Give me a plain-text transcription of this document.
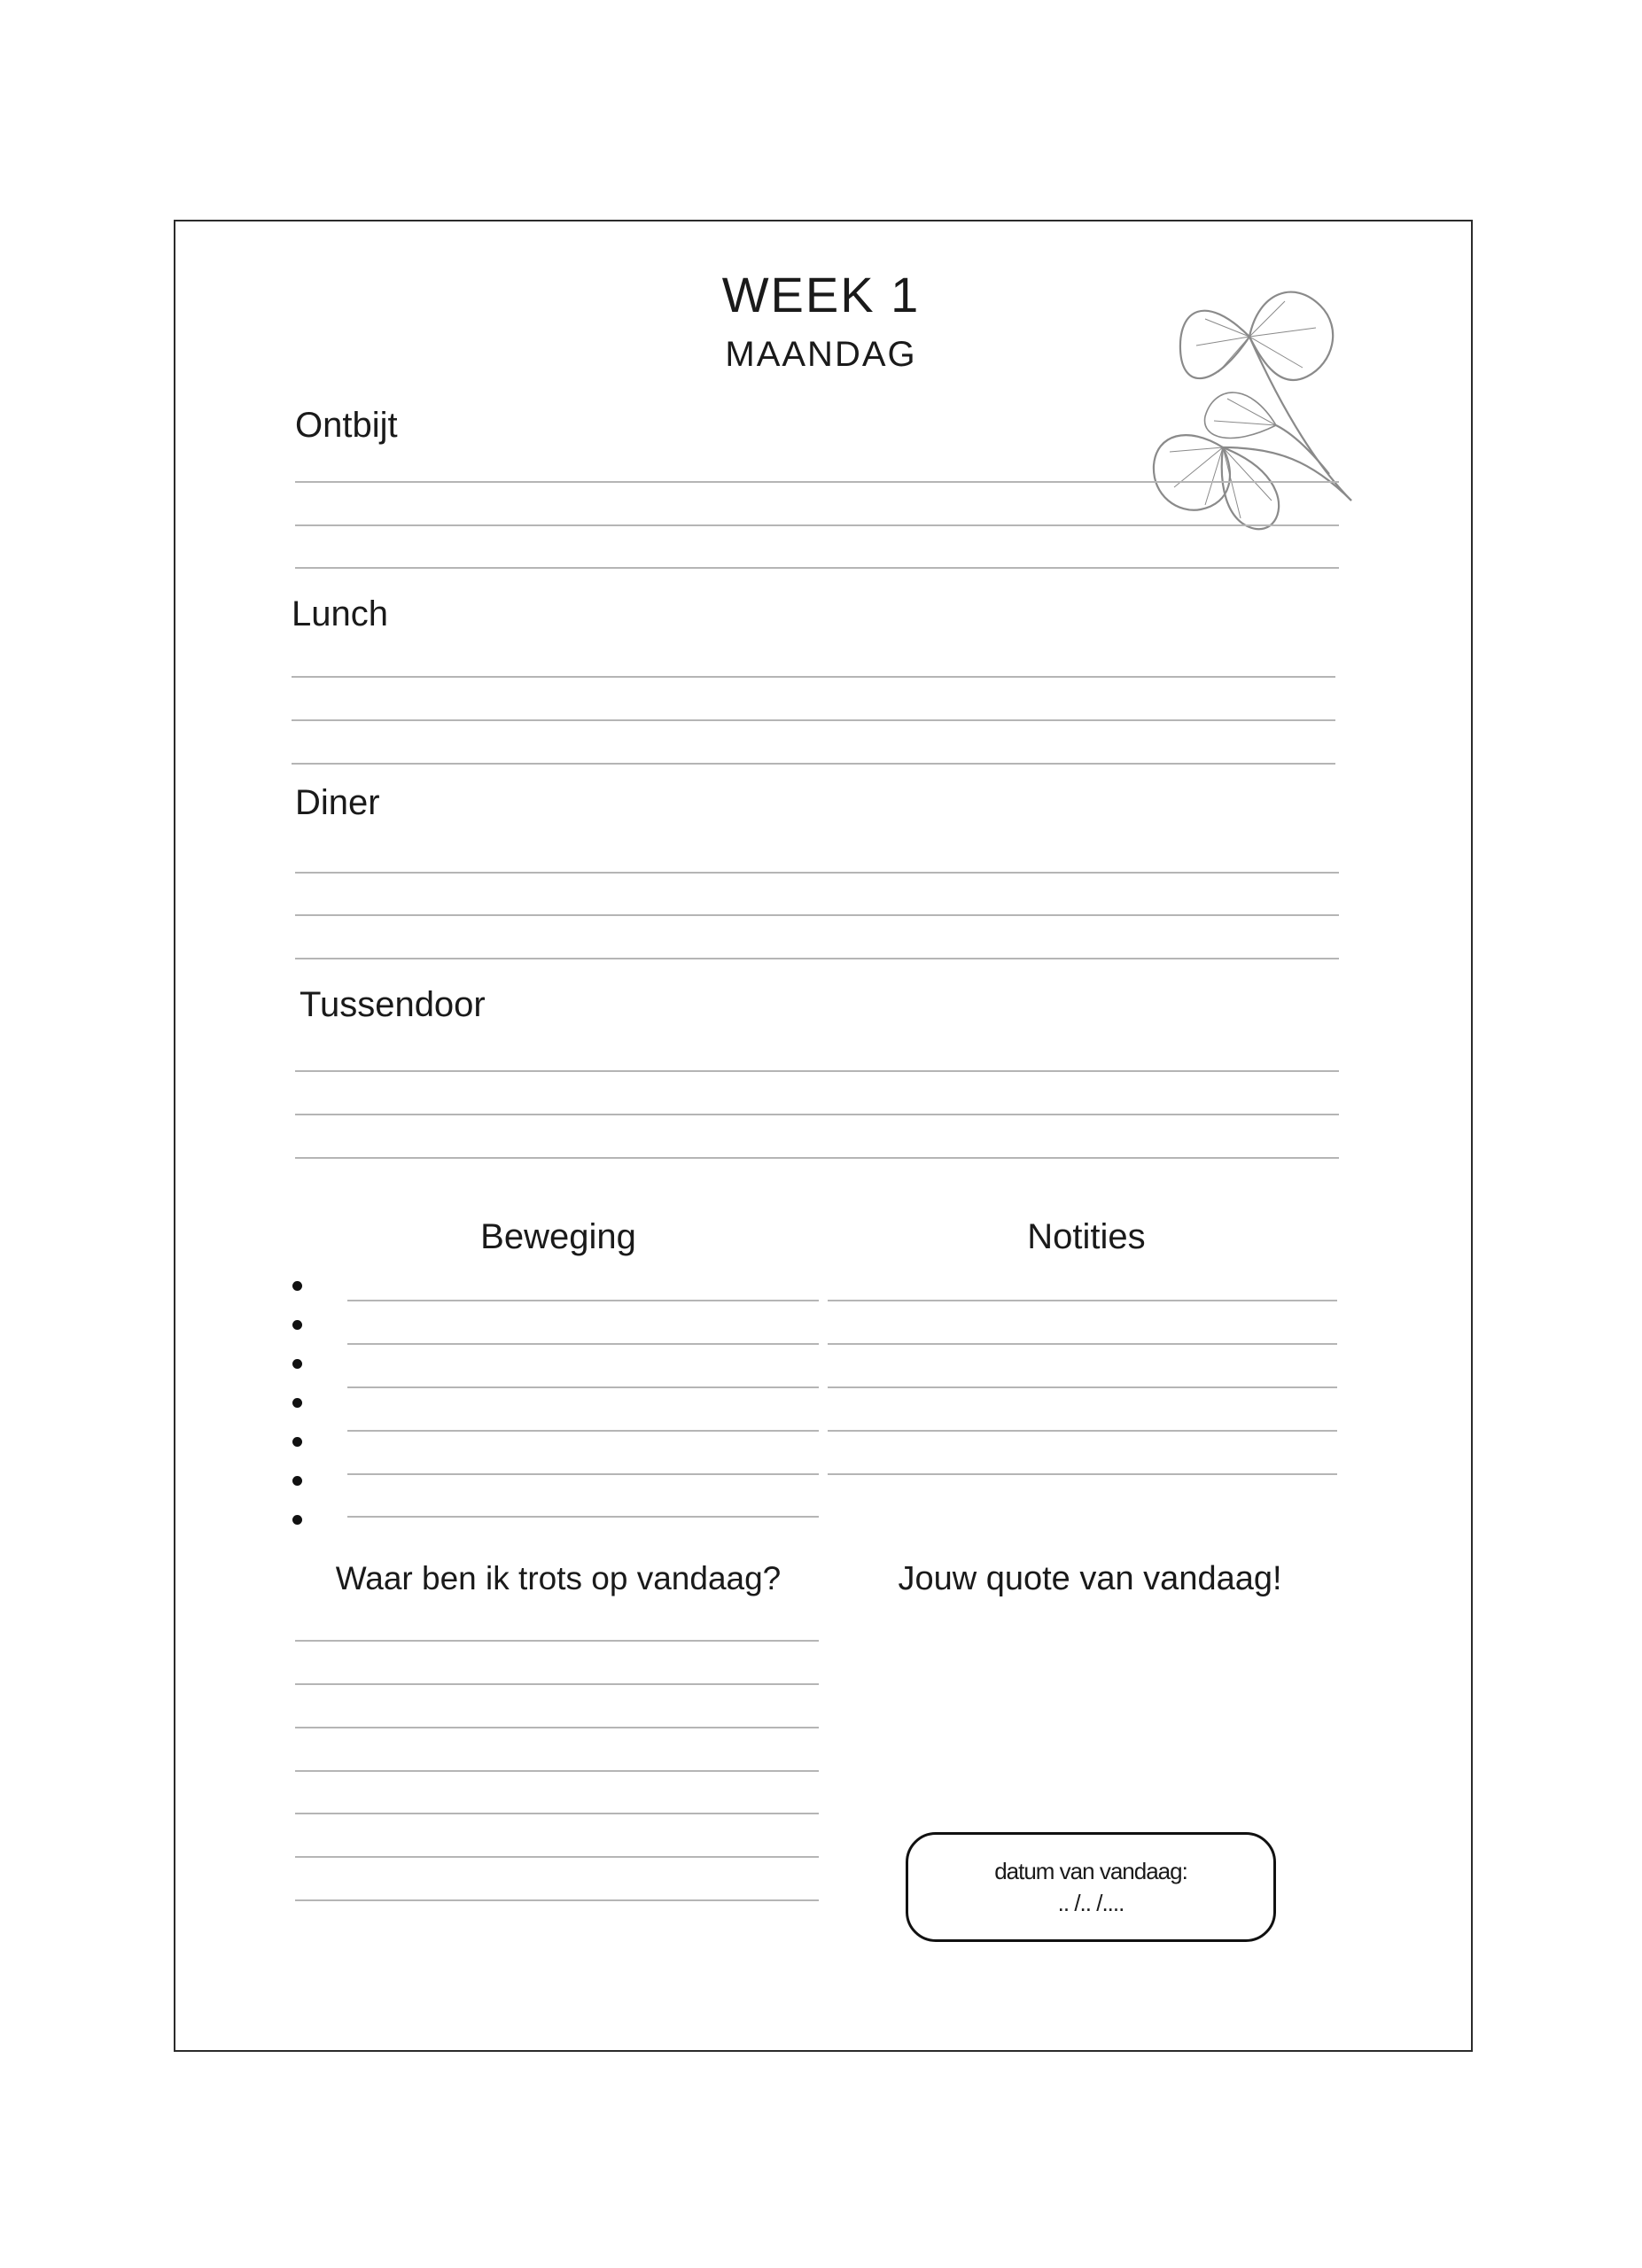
WEEK 1
MAANDAG
Ontbijt
Lunch
Diner
Tussendoor
Beweging	Notities
Waar ben ik trots op vandaag?	Jouw quote van vandaag!
datum van vandaag:
.. /.. /....
